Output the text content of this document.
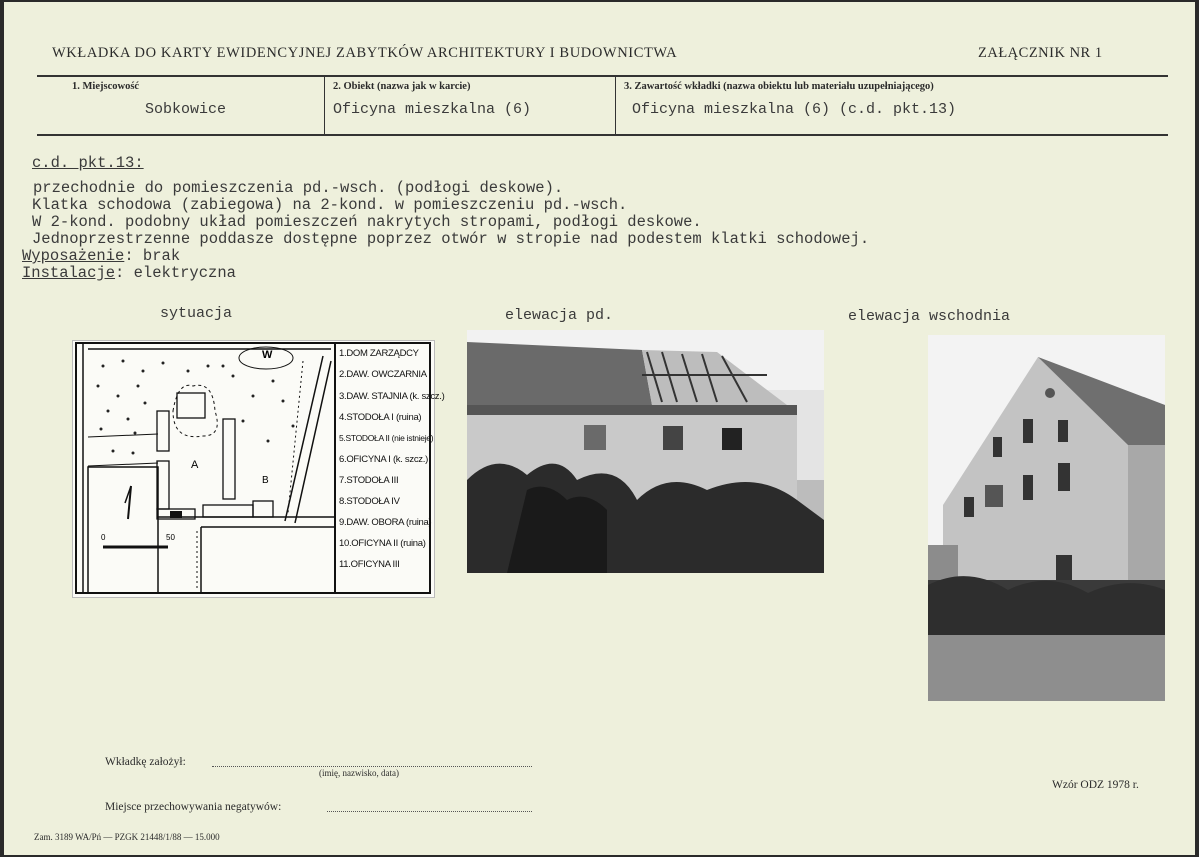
WKŁADKA DO KARTY EWIDENCYJNEJ ZABYTKÓW ARCHITEKTURY I BUDOWNICTWA	ZAŁĄCZNIK NR 1
1. Miejscowość
Sobkowice
2. Obiekt (nazwa jak w karcie)
Oficyna mieszkalna (6)
3. Zawartość wkładki (nazwa obiektu lub materiału uzupełniającego)
Oficyna mieszkalna (6) (c.d. pkt.13)
c.d. pkt.13:
przechodnie do pomieszczenia pd.-wsch. (podłogi deskowe).
Klatka schodowa (zabiegowa) na 2-kond. w pomieszczeniu pd.-wsch.
W 2-kond. podobny układ pomieszczeń nakrytych stropami, podłogi deskowe.
Jednoprzestrzenne poddasze dostępne poprzez otwór w stropie nad podestem klatki schodowej.
Wyposażenie: brak
Instalacje: elektryczna
sytuacja	elewacja pd.	elewacja wschodnia
W
A
B
0	50
1.DOM ZARZĄDCY
2.DAW. OWCZARNIA
3.DAW. STAJNIA (k. szcz.)
4.STODOŁA I (ruina)
5.STODOŁA II (nie istnieje)
6.OFICYNA I (k. szcz.)
7.STODOŁA III
8.STODOŁA IV
9.DAW. OBORA (ruina)
10.OFICYNA II (ruina)
11.OFICYNA III
Wkładkę założył:
(imię, nazwisko, data)
Miejsce przechowywania negatywów:
Wzór ODZ 1978 r.
Zam. 3189 WA/Pń — PZGK 21448/1/88 — 15.000
